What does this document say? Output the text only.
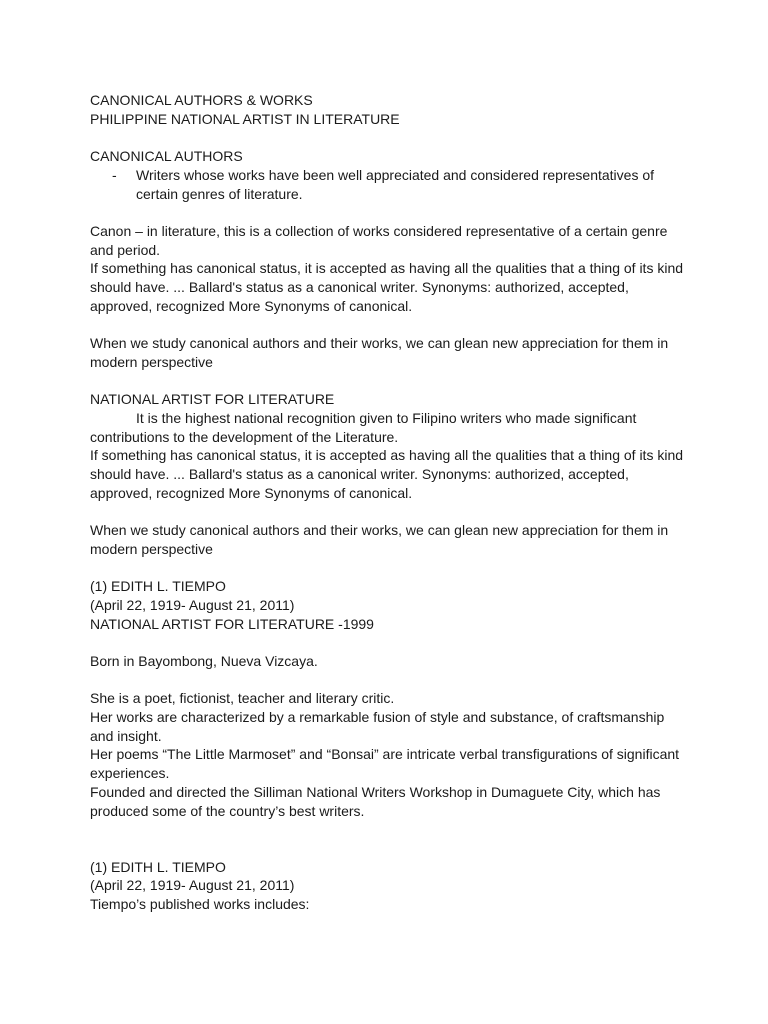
CANONICAL AUTHORS & WORKS

PHILIPPINE NATIONAL ARTIST IN LITERATURE

CANONICAL AUTHORS

-	Writers whose works have been well appreciated and considered representatives of
certain genres of literature.

Canon – in literature, this is a collection of works considered representative of a certain genre

and period.

If something has canonical status, it is accepted as having all the qualities that a thing of its kind

should have. ... Ballard's status as a canonical writer. Synonyms: authorized, accepted,

approved, recognized More Synonyms of canonical.

When we study canonical authors and their works, we can glean new appreciation for them in

modern perspective

NATIONAL ARTIST FOR LITERATURE

It is the highest national recognition given to Filipino writers who made significant

contributions to the development of the Literature.

If something has canonical status, it is accepted as having all the qualities that a thing of its kind

should have. ... Ballard's status as a canonical writer. Synonyms: authorized, accepted,

approved, recognized More Synonyms of canonical.

When we study canonical authors and their works, we can glean new appreciation for them in

modern perspective

(1) EDITH L. TIEMPO

(April 22, 1919- August 21, 2011)

NATIONAL ARTIST FOR LITERATURE -1999

Born in Bayombong, Nueva Vizcaya.

She is a poet, fictionist, teacher and literary critic.

Her works are characterized by a remarkable fusion of style and substance, of craftsmanship

and insight.

Her poems “The Little Marmoset” and “Bonsai” are intricate verbal transfigurations of significant

experiences.

Founded and directed the Silliman National Writers Workshop in Dumaguete City, which has

produced some of the country’s best writers.

(1) EDITH L. TIEMPO

(April 22, 1919- August 21, 2011)

Tiempo’s published works includes:
